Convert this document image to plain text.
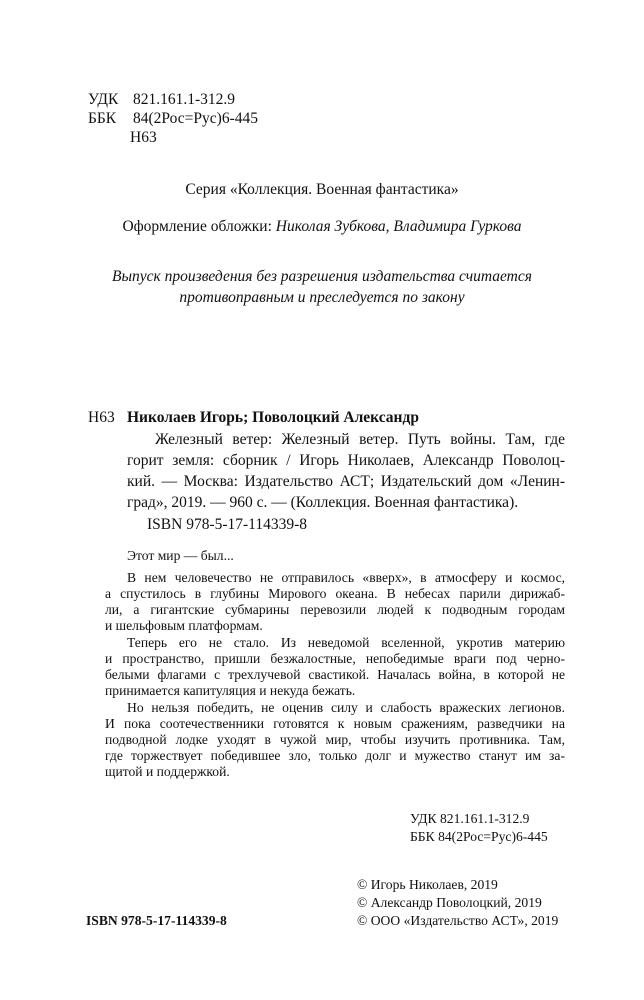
УДК 821.161.1-312.9
ББК 84(2Рос=Рус)6-445
Н63
Серия «Коллекция. Военная фантастика»
Оформление обложки: Николая Зубкова, Владимира Гуркова
Выпуск произведения без разрешения издательства считается
противоправным и преследуется по закону
Н63 Николаев Игорь; Поволоцкий Александр
Железный ветер: Железный ветер. Путь войны. Там, где
горит земля: сборник / Игорь Николаев, Александр Поволоц-
кий. — Москва: Издательство АСТ; Издательский дом «Ленин-
град», 2019. — 960 с. — (Коллекция. Военная фантастика).
ISBN 978-5-17-114339-8
Этот мир — был...
В нем человечество не отправилось «вверх», в атмосферу и космос,
а спустилось в глубины Мирового океана. В небесах парили дирижаб-
ли, а гигантские субмарины перевозили людей к подводным городам
и шельфовым платформам.
Теперь его не стало. Из неведомой вселенной, укротив материю
и пространство, пришли безжалостные, непобедимые враги под черно-
белыми флагами с трехлучевой свастикой. Началась война, в которой не
принимается капитуляция и некуда бежать.
Но нельзя победить, не оценив силу и слабость вражеских легионов.
И пока соотечественники готовятся к новым сражениям, разведчики на
подводной лодке уходят в чужой мир, чтобы изучить противника. Там,
где торжествует победившее зло, только долг и мужество станут им за-
щитой и поддержкой.
УДК 821.161.1-312.9
ББК 84(2Рос=Рус)6-445
© Игорь Николаев, 2019
© Александр Поволоцкий, 2019
© ООО «Издательство АСТ», 2019
ISBN 978-5-17-114339-8
